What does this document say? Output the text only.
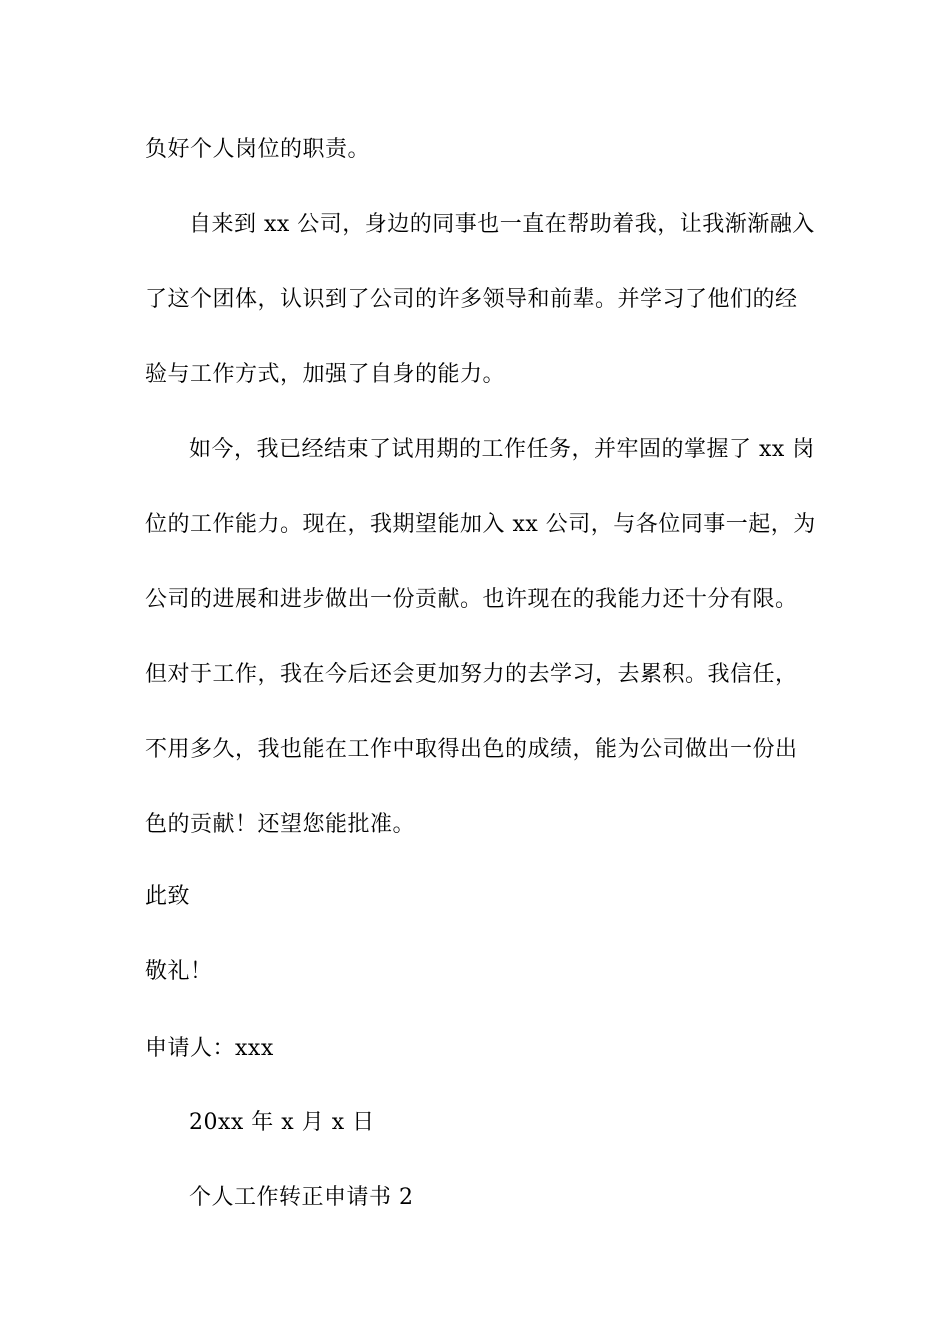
负好个人岗位的职责。
自来到 xx 公司，身边的同事也一直在帮助着我，让我渐渐融入
了这个团体，认识到了公司的许多领导和前辈。并学习了他们的经
验与工作方式，加强了自身的能力。
如今，我已经结束了试用期的工作任务，并牢固的掌握了 xx 岗
位的工作能力。现在，我期望能加入 xx 公司，与各位同事一起，为
公司的进展和进步做出一份贡献。也许现在的我能力还十分有限。
但对于工作，我在今后还会更加努力的去学习，去累积。我信任，
不用多久，我也能在工作中取得出色的成绩，能为公司做出一份出
色的贡献！还望您能批准。
此致
敬礼！
申请人：xxx
20xx 年 x 月 x 日
个人工作转正申请书 2
